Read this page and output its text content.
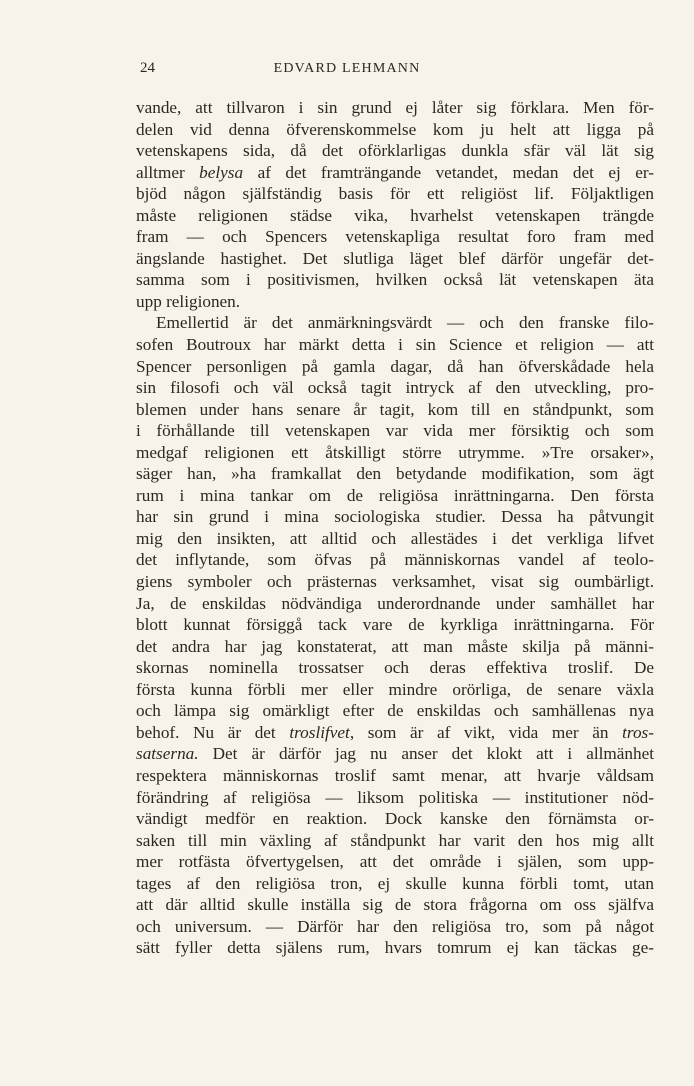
24	EDVARD LEHMANN
vande, att tillvaron i sin grund ej låter sig förklara. Men för-
delen vid denna öfverenskommelse kom ju helt att ligga på
vetenskapens sida, då det oförklarligas dunkla sfär väl lät sig
alltmer belysa af det framträngande vetandet, medan det ej er-
bjöd någon själfständig basis för ett religiöst lif. Följaktligen
måste religionen städse vika, hvarhelst vetenskapen trängde
fram — och Spencers vetenskapliga resultat foro fram med
ängslande hastighet. Det slutliga läget blef därför ungefär det-
samma som i positivismen, hvilken också lät vetenskapen äta
upp religionen.
Emellertid är det anmärkningsvärdt — och den franske filo-
sofen Boutroux har märkt detta i sin Science et religion — att
Spencer personligen på gamla dagar, då han öfverskådade hela
sin filosofi och väl också tagit intryck af den utveckling, pro-
blemen under hans senare år tagit, kom till en ståndpunkt, som
i förhållande till vetenskapen var vida mer försiktig och som
medgaf religionen ett åtskilligt större utrymme. »Tre orsaker»,
säger han, »ha framkallat den betydande modifikation, som ägt
rum i mina tankar om de religiösa inrättningarna. Den första
har sin grund i mina sociologiska studier. Dessa ha påtvungit
mig den insikten, att alltid och allestädes i det verkliga lifvet
det inflytande, som öfvas på människornas vandel af teolo-
giens symboler och prästernas verksamhet, visat sig oumbärligt.
Ja, de enskildas nödvändiga underordnande under samhället har
blott kunnat försiggå tack vare de kyrkliga inrättningarna. För
det andra har jag konstaterat, att man måste skilja på männi-
skornas nominella trossatser och deras effektiva troslif. De
första kunna förbli mer eller mindre orörliga, de senare växla
och lämpa sig omärkligt efter de enskildas och samhällenas nya
behof. Nu är det troslifvet, som är af vikt, vida mer än tros-
satserna. Det är därför jag nu anser det klokt att i allmänhet
respektera människornas troslif samt menar, att hvarje våldsam
förändring af religiösa — liksom politiska — institutioner nöd-
vändigt medför en reaktion. Dock kanske den förnämsta or-
saken till min växling af ståndpunkt har varit den hos mig allt
mer rotfästa öfvertygelsen, att det område i själen, som upp-
tages af den religiösa tron, ej skulle kunna förbli tomt, utan
att där alltid skulle inställa sig de stora frågorna om oss själfva
och universum. — Därför har den religiösa tro, som på något
sätt fyller detta själens rum, hvars tomrum ej kan täckas ge-
